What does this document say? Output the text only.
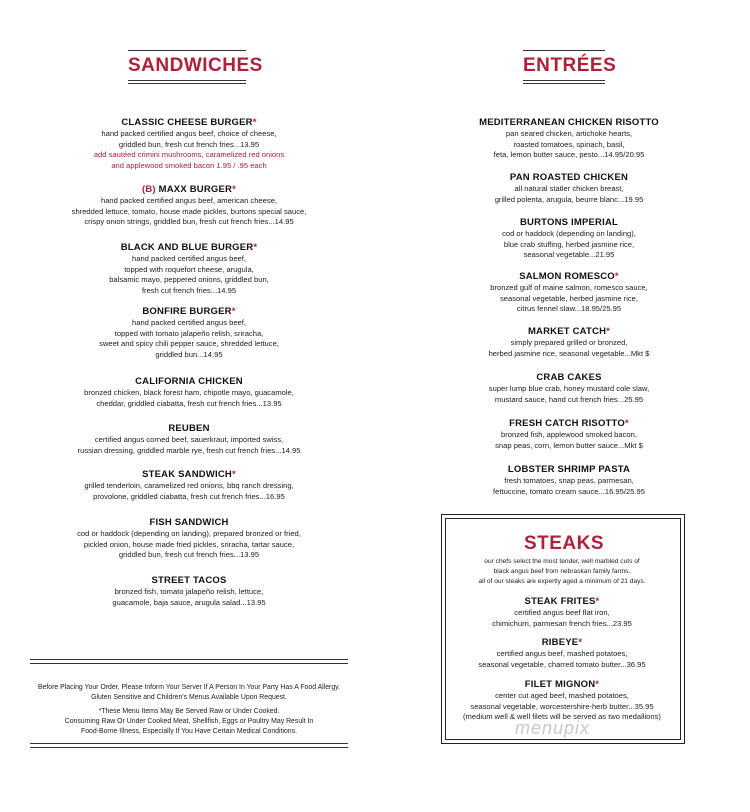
SANDWICHES	ENTRÉES
CLASSIC CHEESE BURGER*
hand packed certified angus beef, choice of cheese,
griddled bun, fresh cut french fries...13.95
add sautéed crimini mushrooms, caramelized red onions
and applewood smoked bacon 1.95 / .95 each
(B) MAXX BURGER*
hand packed certified angus beef, american cheese,
shredded lettuce, tomato, house made pickles, burtons special sauce,
crispy onion strings, griddled bun, fresh cut french fries...14.95
BLACK AND BLUE BURGER*
hand packed certified angus beef,
topped with roquefort cheese, arugula,
balsamic mayo, peppered onions, griddled bun,
fresh cut french fries...14.95
BONFIRE BURGER*
hand packed certified angus beef,
topped with tomato jalapeño relish, sriracha,
sweet and spicy chili pepper sauce, shredded lettuce,
griddled bun...14.95
CALIFORNIA CHICKEN
bronzed chicken, black forest ham, chipotle mayo, guacamole,
cheddar, griddled ciabatta, fresh cut french fries...13.95
REUBEN
certified angus corned beef, sauerkraut, imported swiss,
russian dressing, griddled marble rye, fresh cut french fries...14.95
STEAK SANDWICH*
grilled tenderloin, caramelized red onions, bbq ranch dressing,
provolone, griddled ciabatta, fresh cut french fries...16.95
FISH SANDWICH
cod or haddock (depending on landing), prepared bronzed or fried,
pickled onion, house made fried pickles, sriracha, tartar sauce,
griddled bun, fresh cut french fries...13.95
STREET TACOS
bronzed fish, tomato jalapeño relish, lettuce,
guacamole, baja sauce, arugula salad...13.95
MEDITERRANEAN CHICKEN RISOTTO
pan seared chicken, artichoke hearts,
roasted tomatoes, spinach, basil,
feta, lemon butter sauce, pesto...14.95/20.95
PAN ROASTED CHICKEN
all natural statler chicken breast,
grilled polenta, arugula, beurre blanc...19.95
BURTONS IMPERIAL
cod or haddock (depending on landing),
blue crab stuffing, herbed jasmine rice,
seasonal vegetable...21.95
SALMON ROMESCO*
bronzed gulf of maine salmon, romesco sauce,
seasonal vegetable, herbed jasmine rice,
citrus fennel slaw...18.95/25.95
MARKET CATCH*
simply prepared grilled or bronzed,
herbed jasmine rice, seasonal vegetable...Mkt $
CRAB CAKES
super lump blue crab, honey mustard cole slaw,
mustard sauce, hand cut french fries...25.95
FRESH CATCH RISOTTO*
bronzed fish, applewood smoked bacon,
snap peas, corn, lemon butter sauce...Mkt $
LOBSTER SHRIMP PASTA
fresh tomatoes, snap peas, parmesan,
fettuccine, tomato cream sauce...16.95/25.95
STEAKS
our chefs select the most tender, well marbled cuts of
black angus beef from nebraskan family farms.
all of our steaks are expertly aged a minimum of 21 days.
STEAK FRITES*
certified angus beef flat iron,
chimichurri, parmesan french fries...23.95
RIBEYE*
certified angus beef, mashed potatoes,
seasonal vegetable, charred tomato butter...36.95
FILET MIGNON*
center cut aged beef, mashed potatoes,
seasonal vegetable, worcestershire-herb butter...35.95
(medium well & well filets will be served as two medallions)
Before Placing Your Order, Please Inform Your Server If A Person In Your Party Has A Food Allergy.
Gluten Sensitive and Children's Menus Available Upon Request.
*These Menu Items May Be Served Raw or Under Cooked.
Consuming Raw Or Under Cooked Meat, Shellfish, Eggs or Poultry May Result In
Food-Borne Illness, Especially If You Have Certain Medical Conditions.	menupix
